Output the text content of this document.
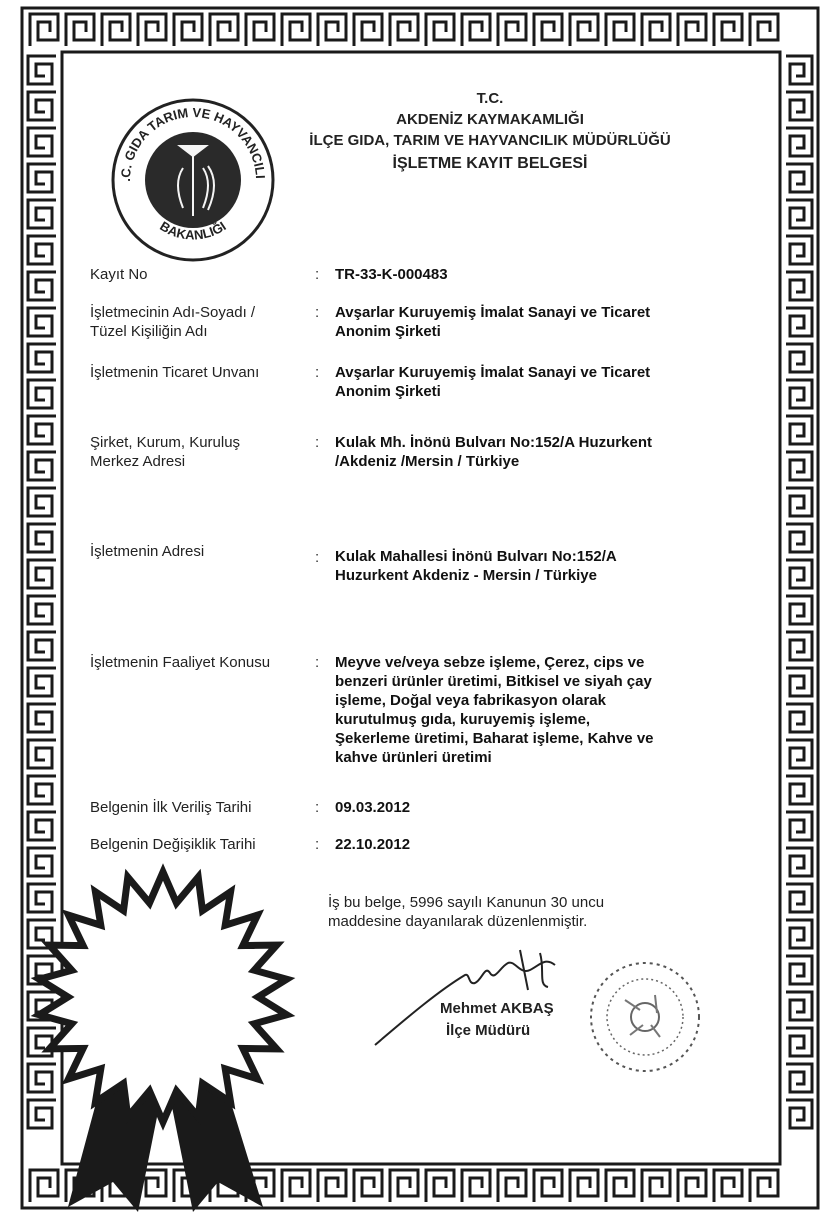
.C. GIDA TARIM VE HAYVANCILI
BAKANLIĞI
T.C.
AKDENİZ KAYMAKAMLIĞI
İLÇE GIDA, TARIM VE HAYVANCILIK MÜDÜRLÜĞÜ
İŞLETME KAYIT BELGESİ
Kayıt No	: TR-33-K-000483
İşletmecinin Adı-Soyadı /
Tüzel Kişiliğin Adı
: Avşarlar Kuruyemiş İmalat Sanayi ve Ticaret
Anonim Şirketi
İşletmenin Ticaret Unvanı	: Avşarlar Kuruyemiş İmalat Sanayi ve Ticaret
Anonim Şirketi
Şirket, Kurum, Kuruluş
Merkez Adresi
: Kulak Mh. İnönü Bulvarı No:152/A Huzurkent
/Akdeniz /Mersin / Türkiye
İşletmenin Adresi	: Kulak Mahallesi İnönü Bulvarı No:152/A
Huzurkent Akdeniz - Mersin / Türkiye
İşletmenin Faaliyet Konusu	: Meyve ve/veya sebze işleme, Çerez, cips ve
benzeri ürünler üretimi, Bitkisel ve siyah çay
işleme, Doğal veya fabrikasyon olarak
kurutulmuş gıda, kuruyemiş işleme,
Şekerleme üretimi, Baharat işleme, Kahve ve
kahve ürünleri üretimi
Belgenin İlk Veriliş Tarihi	: 09.03.2012
Belgenin Değişiklik Tarihi	: 22.10.2012
İş bu belge, 5996 sayılı Kanunun 30 uncu
maddesine dayanılarak düzenlenmiştir.
Mehmet AKBAŞ
İlçe Müdürü
